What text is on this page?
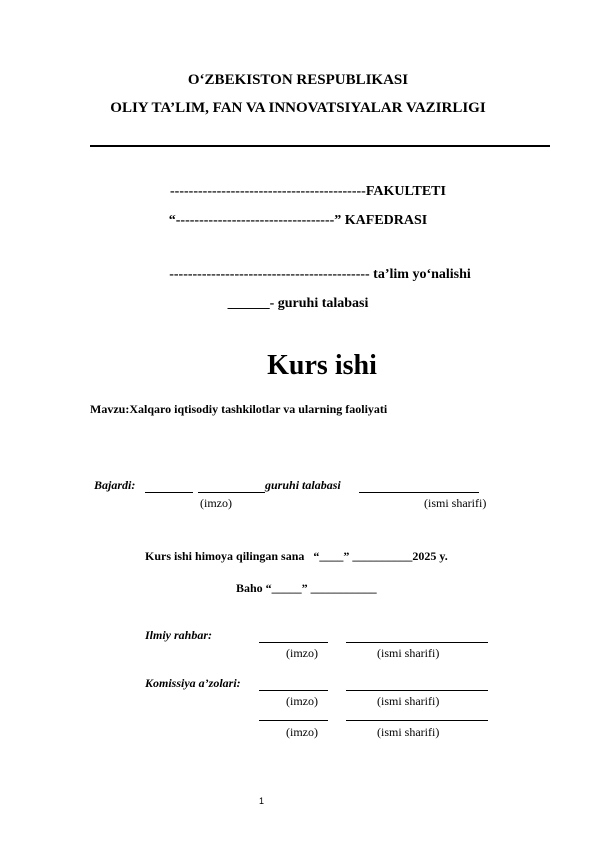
O‘ZBEKISTON RESPUBLIKASI
OLIY TA’LIM, FAN VA INNOVATSIYALAR VAZIRLIGI
------------------------------------------FAKULTETI
“----------------------------------” KAFEDRASI
------------------------------------------- ta’lim yo‘nalishi
______- guruhi talabasi
Kurs ishi
Mavzu:Xalqaro iqtisodiy tashkilotlar va ularning faoliyati
Bajardi:	guruhi talabasi
(imzo)	(ismi sharifi)
Kurs ishi himoya qilingan sana   “____” __________2025 y.
Baho “_____” ___________
Ilmiy rahbar:
(imzo)	(ismi sharifi)
Komissiya a’zolari:
(imzo)	(ismi sharifi)
(imzo)	(ismi sharifi)
1
